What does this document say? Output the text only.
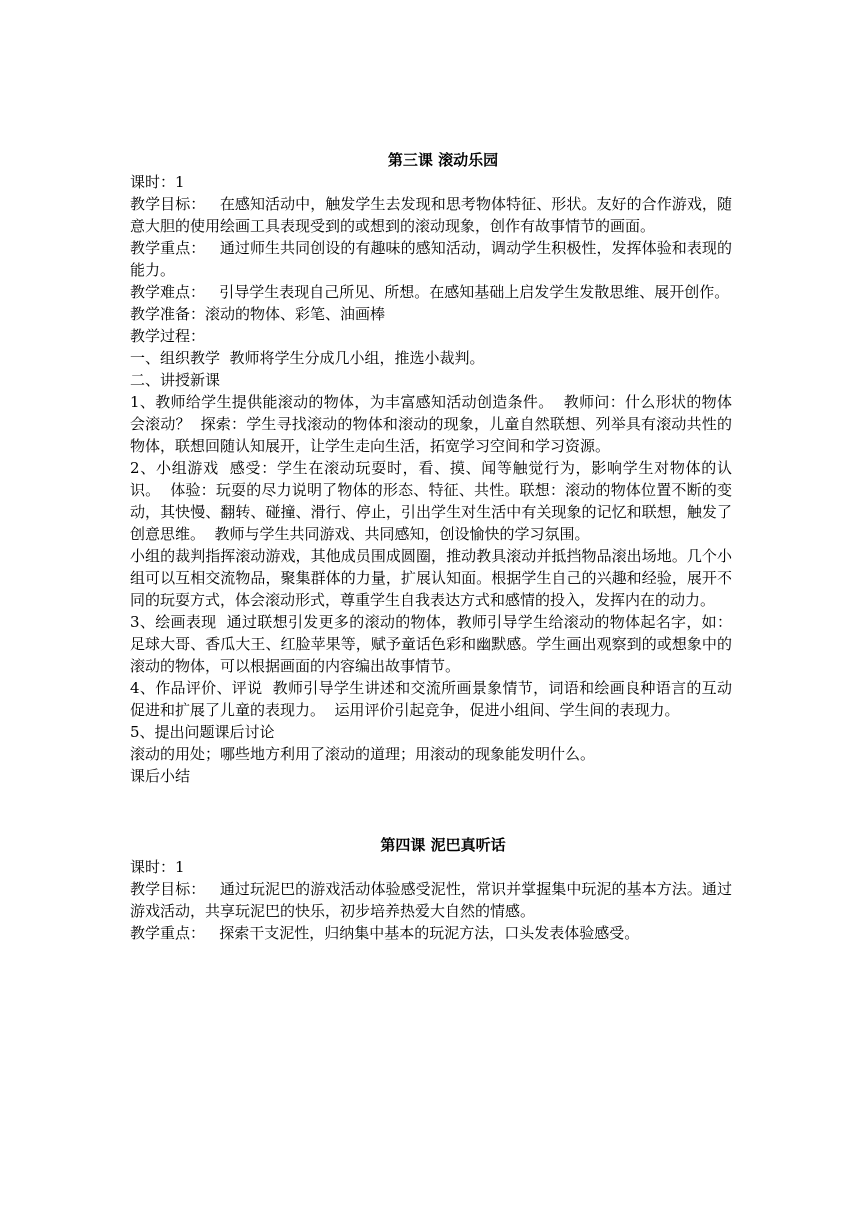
第三课 滚动乐园

课时：1

教学目标：   在感知活动中，触发学生去发现和思考物体特征、形状。友好的合作游戏，随意大胆的使用绘画工具表现受到的或想到的滚动现象，创作有故事情节的画面。

教学重点：   通过师生共同创设的有趣味的感知活动，调动学生积极性，发挥体验和表现的能力。

教学难点：   引导学生表现自己所见、所想。在感知基础上启发学生发散思维、展开创作。

教学准备：滚动的物体、彩笔、油画棒

教学过程：

一、组织教学  教师将学生分成几小组，推选小裁判。

二、讲授新课

1、教师给学生提供能滚动的物体，为丰富感知活动创造条件。  教师问：什么形状的物体会滚动？  探索：学生寻找滚动的物体和滚动的现象，儿童自然联想、列举具有滚动共性的物体，联想回随认知展开，让学生走向生活，拓宽学习空间和学习资源。

2、小组游戏  感受：学生在滚动玩耍时，看、摸、闻等触觉行为，影响学生对物体的认识。  体验：玩耍的尽力说明了物体的形态、特征、共性。联想：滚动的物体位置不断的变动，其快慢、翻转、碰撞、滑行、停止，引出学生对生活中有关现象的记忆和联想，触发了创意思维。  教师与学生共同游戏、共同感知，创设愉快的学习氛围。

小组的裁判指挥滚动游戏，其他成员围成圆圈，推动教具滚动并抵挡物品滚出场地。几个小组可以互相交流物品，聚集群体的力量，扩展认知面。根据学生自己的兴趣和经验，展开不同的玩耍方式，体会滚动形式，尊重学生自我表达方式和感情的投入，发挥内在的动力。

3、绘画表现  通过联想引发更多的滚动的物体，教师引导学生给滚动的物体起名字，如：足球大哥、香瓜大王、红脸苹果等，赋予童话色彩和幽默感。学生画出观察到的或想象中的滚动的物体，可以根据画面的内容编出故事情节。

4、作品评价、评说  教师引导学生讲述和交流所画景象情节，词语和绘画良种语言的互动促进和扩展了儿童的表现力。  运用评价引起竞争，促进小组间、学生间的表现力。

5、提出问题课后讨论

滚动的用处；哪些地方利用了滚动的道理；用滚动的现象能发明什么。

课后小结

第四课 泥巴真听话

课时：1

教学目标：   通过玩泥巴的游戏活动体验感受泥性，常识并掌握集中玩泥的基本方法。通过游戏活动，共享玩泥巴的快乐，初步培养热爱大自然的情感。

教学重点：   探索干支泥性，归纳集中基本的玩泥方法，口头发表体验感受。
